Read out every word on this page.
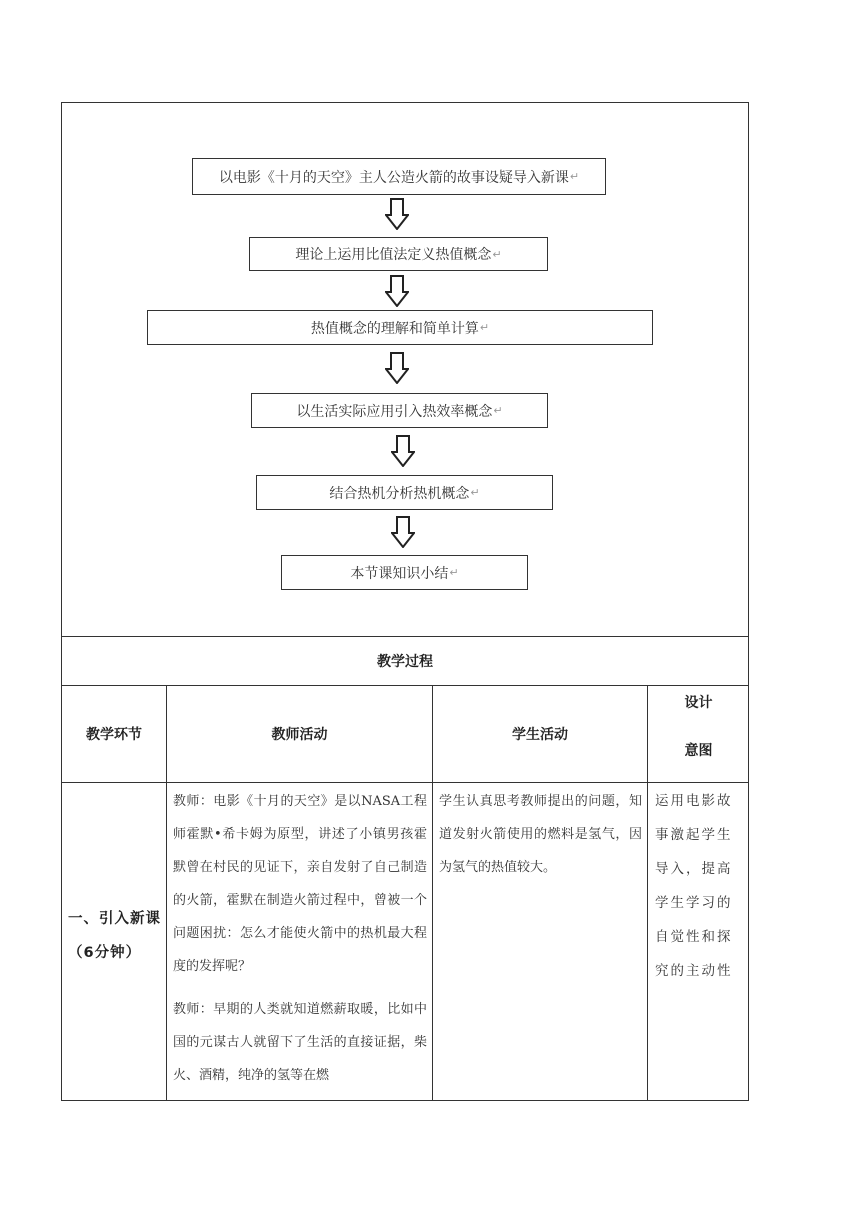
以电影《十月的天空》主人公造火箭的故事设疑导入新课 ↵
理论上运用比值法定义热值概念 ↵
热值概念的理解和简单计算 ↵
以生活实际应用引入热效率概念 ↵
结合热机分析热机概念 ↵
本节课知识小结 ↵
教学过程
教学环节	教师活动	学生活动
设计
意图
一、引入新课（6分钟）
教师：电影《十月的天空》是以NASA工程师霍默•希卡姆为原型，讲述了小镇男孩霍默曾在村民的见证下，亲自发射了自己制造的火箭，霍默在制造火箭过程中，曾被一个问题困扰：怎么才能使火箭中的热机最大程度的发挥呢？
教师：早期的人类就知道燃薪取暖，比如中国的元谋古人就留下了生活的直接证据，柴火、酒精，纯净的氢等在燃
学生认真思考教师提出的问题，知道发射火箭使用的燃料是氢气，因为氢气的热值较大。
运用电影故事激起学生导入，提高学生学习的自觉性和探究的主动性
